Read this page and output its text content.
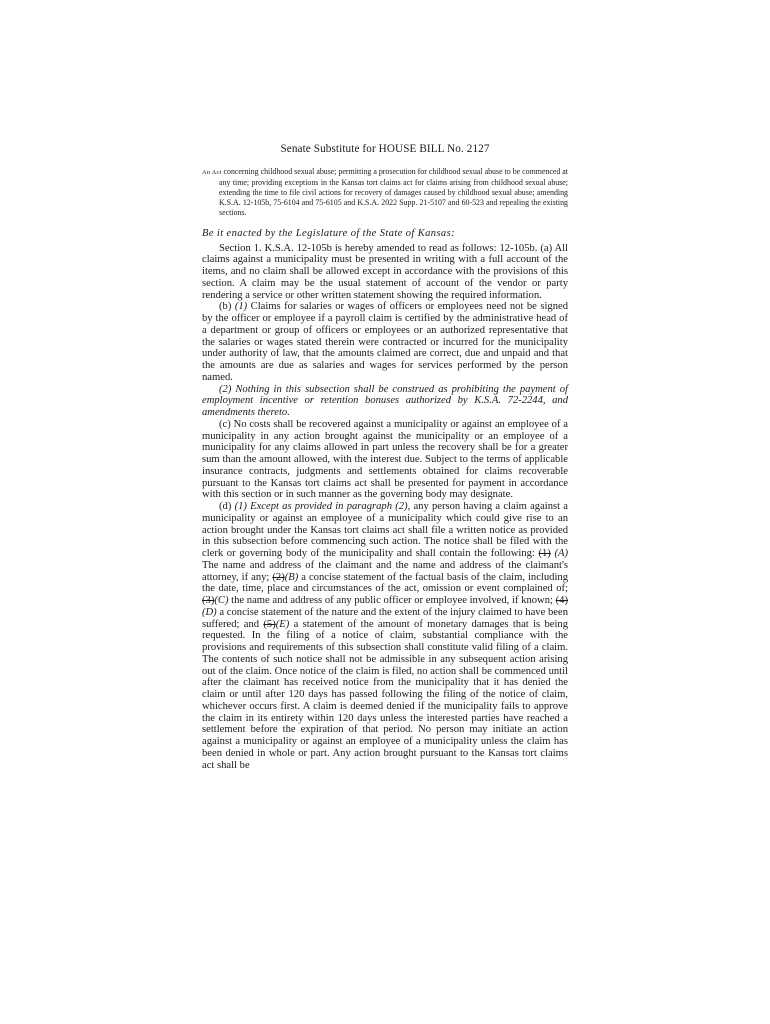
Senate Substitute for HOUSE BILL No. 2127
An Act concerning childhood sexual abuse; permitting a prosecution for childhood sexual abuse to be commenced at any time; providing exceptions in the Kansas tort claims act for claims arising from childhood sexual abuse; extending the time to file civil actions for recovery of damages caused by childhood sexual abuse; amending K.S.A. 12-105b, 75-6104 and 75-6105 and K.S.A. 2022 Supp. 21-5107 and 60-523 and repealing the existing sections.
Be it enacted by the Legislature of the State of Kansas:

Section 1. K.S.A. 12-105b is hereby amended to read as follows: 12-105b. (a) All claims against a municipality must be presented in writing with a full account of the items, and no claim shall be allowed except in accordance with the provisions of this section. A claim may be the usual statement of account of the vendor or party rendering a service or other written statement showing the required information.

(b) (1) Claims for salaries or wages of officers or employees need not be signed by the officer or employee if a payroll claim is certified by the administrative head of a department or group of officers or employees or an authorized representative that the salaries or wages stated therein were contracted or incurred for the municipality under authority of law, that the amounts claimed are correct, due and unpaid and that the amounts are due as salaries and wages for services performed by the person named.

(2) Nothing in this subsection shall be construed as prohibiting the payment of employment incentive or retention bonuses authorized by K.S.A. 72-2244, and amendments thereto.

(c) No costs shall be recovered against a municipality or against an employee of a municipality in any action brought against the municipality or an employee of a municipality for any claims allowed in part unless the recovery shall be for a greater sum than the amount allowed, with the interest due. Subject to the terms of applicable insurance contracts, judgments and settlements obtained for claims recoverable pursuant to the Kansas tort claims act shall be presented for payment in accordance with this section or in such manner as the governing body may designate.

(d) (1) Except as provided in paragraph (2), any person having a claim against a municipality or against an employee of a municipality which could give rise to an action brought under the Kansas tort claims act shall file a written notice as provided in this subsection before commencing such action. The notice shall be filed with the clerk or governing body of the municipality and shall contain the following: (1) (A) The name and address of the claimant and the name and address of the claimant's attorney, if any; (2)(B) a concise statement of the factual basis of the claim, including the date, time, place and circumstances of the act, omission or event complained of; (3)(C) the name and address of any public officer or employee involved, if known; (4)(D) a concise statement of the nature and the extent of the injury claimed to have been suffered; and (5)(E) a statement of the amount of monetary damages that is being requested. In the filing of a notice of claim, substantial compliance with the provisions and requirements of this subsection shall constitute valid filing of a claim. The contents of such notice shall not be admissible in any subsequent action arising out of the claim. Once notice of the claim is filed, no action shall be commenced until after the claimant has received notice from the municipality that it has denied the claim or until after 120 days has passed following the filing of the notice of claim, whichever occurs first. A claim is deemed denied if the municipality fails to approve the claim in its entirety within 120 days unless the interested parties have reached a settlement before the expiration of that period. No person may initiate an action against a municipality or against an employee of a municipality unless the claim has been denied in whole or part. Any action brought pursuant to the Kansas tort claims act shall be
